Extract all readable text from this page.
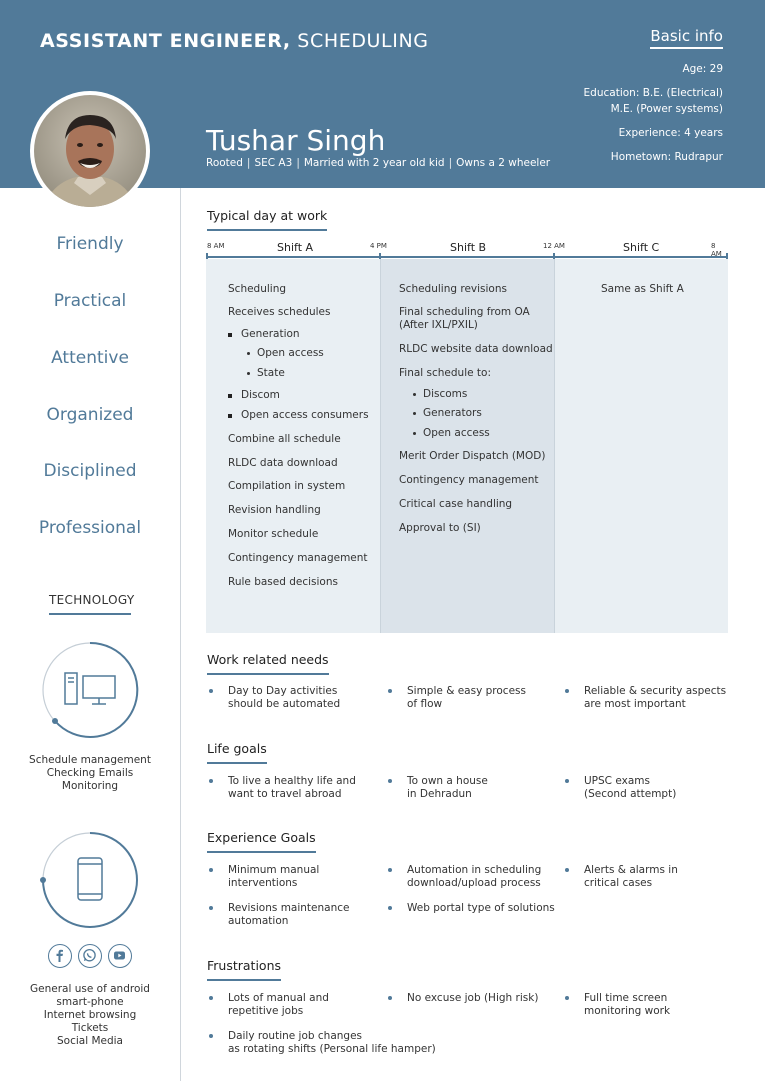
ASSISTANT ENGINEER, SCHEDULING
Tushar Singh
Rooted | SEC A3 | Married with 2 year old kid | Owns a 2 wheeler
Basic info
Age: 29
Education: B.E. (Electrical)
M.E. (Power systems)
Experience: 4 years
Hometown: Rudrapur
Friendly
Practical
Attentive
Organized
Disciplined
Professional
TECHNOLOGY
Schedule management
Checking Emails
Monitoring
General use of android
smart-phone
Internet browsing
Tickets
Social Media
Typical day at work
8 AM	4 PM	12 AM	8 AM
Shift A	Shift B	Shift C
Scheduling
Receives schedules
Generation
Open access
State
Discom
Open access consumers
Combine all schedule
RLDC data download
Compilation in system
Revision handling
Monitor schedule
Contingency management
Rule based decisions
Scheduling revisions
Final scheduling from OA
(After IXL/PXIL)
RLDC website data download
Final schedule to:
Discoms
Generators
Open access
Merit Order Dispatch (MOD)
Contingency management
Critical case handling
Approval to (SI)
Same as Shift A
Work related needs
Day to Day activities
should be automated
Simple & easy process
of flow
Reliable & security aspects
are most important
Life goals
To live a healthy life and
want to travel abroad
To own a house
in Dehradun
UPSC exams
(Second attempt)
Experience Goals
Minimum manual
interventions
Automation in scheduling
download/upload process
Alerts & alarms in
critical cases
Revisions maintenance
automation
Web portal type of solutions
Frustrations
Lots of manual and
repetitive jobs
No excuse job (High risk)	Full time screen
monitoring work
Daily routine job changes
as rotating shifts (Personal life hamper)
